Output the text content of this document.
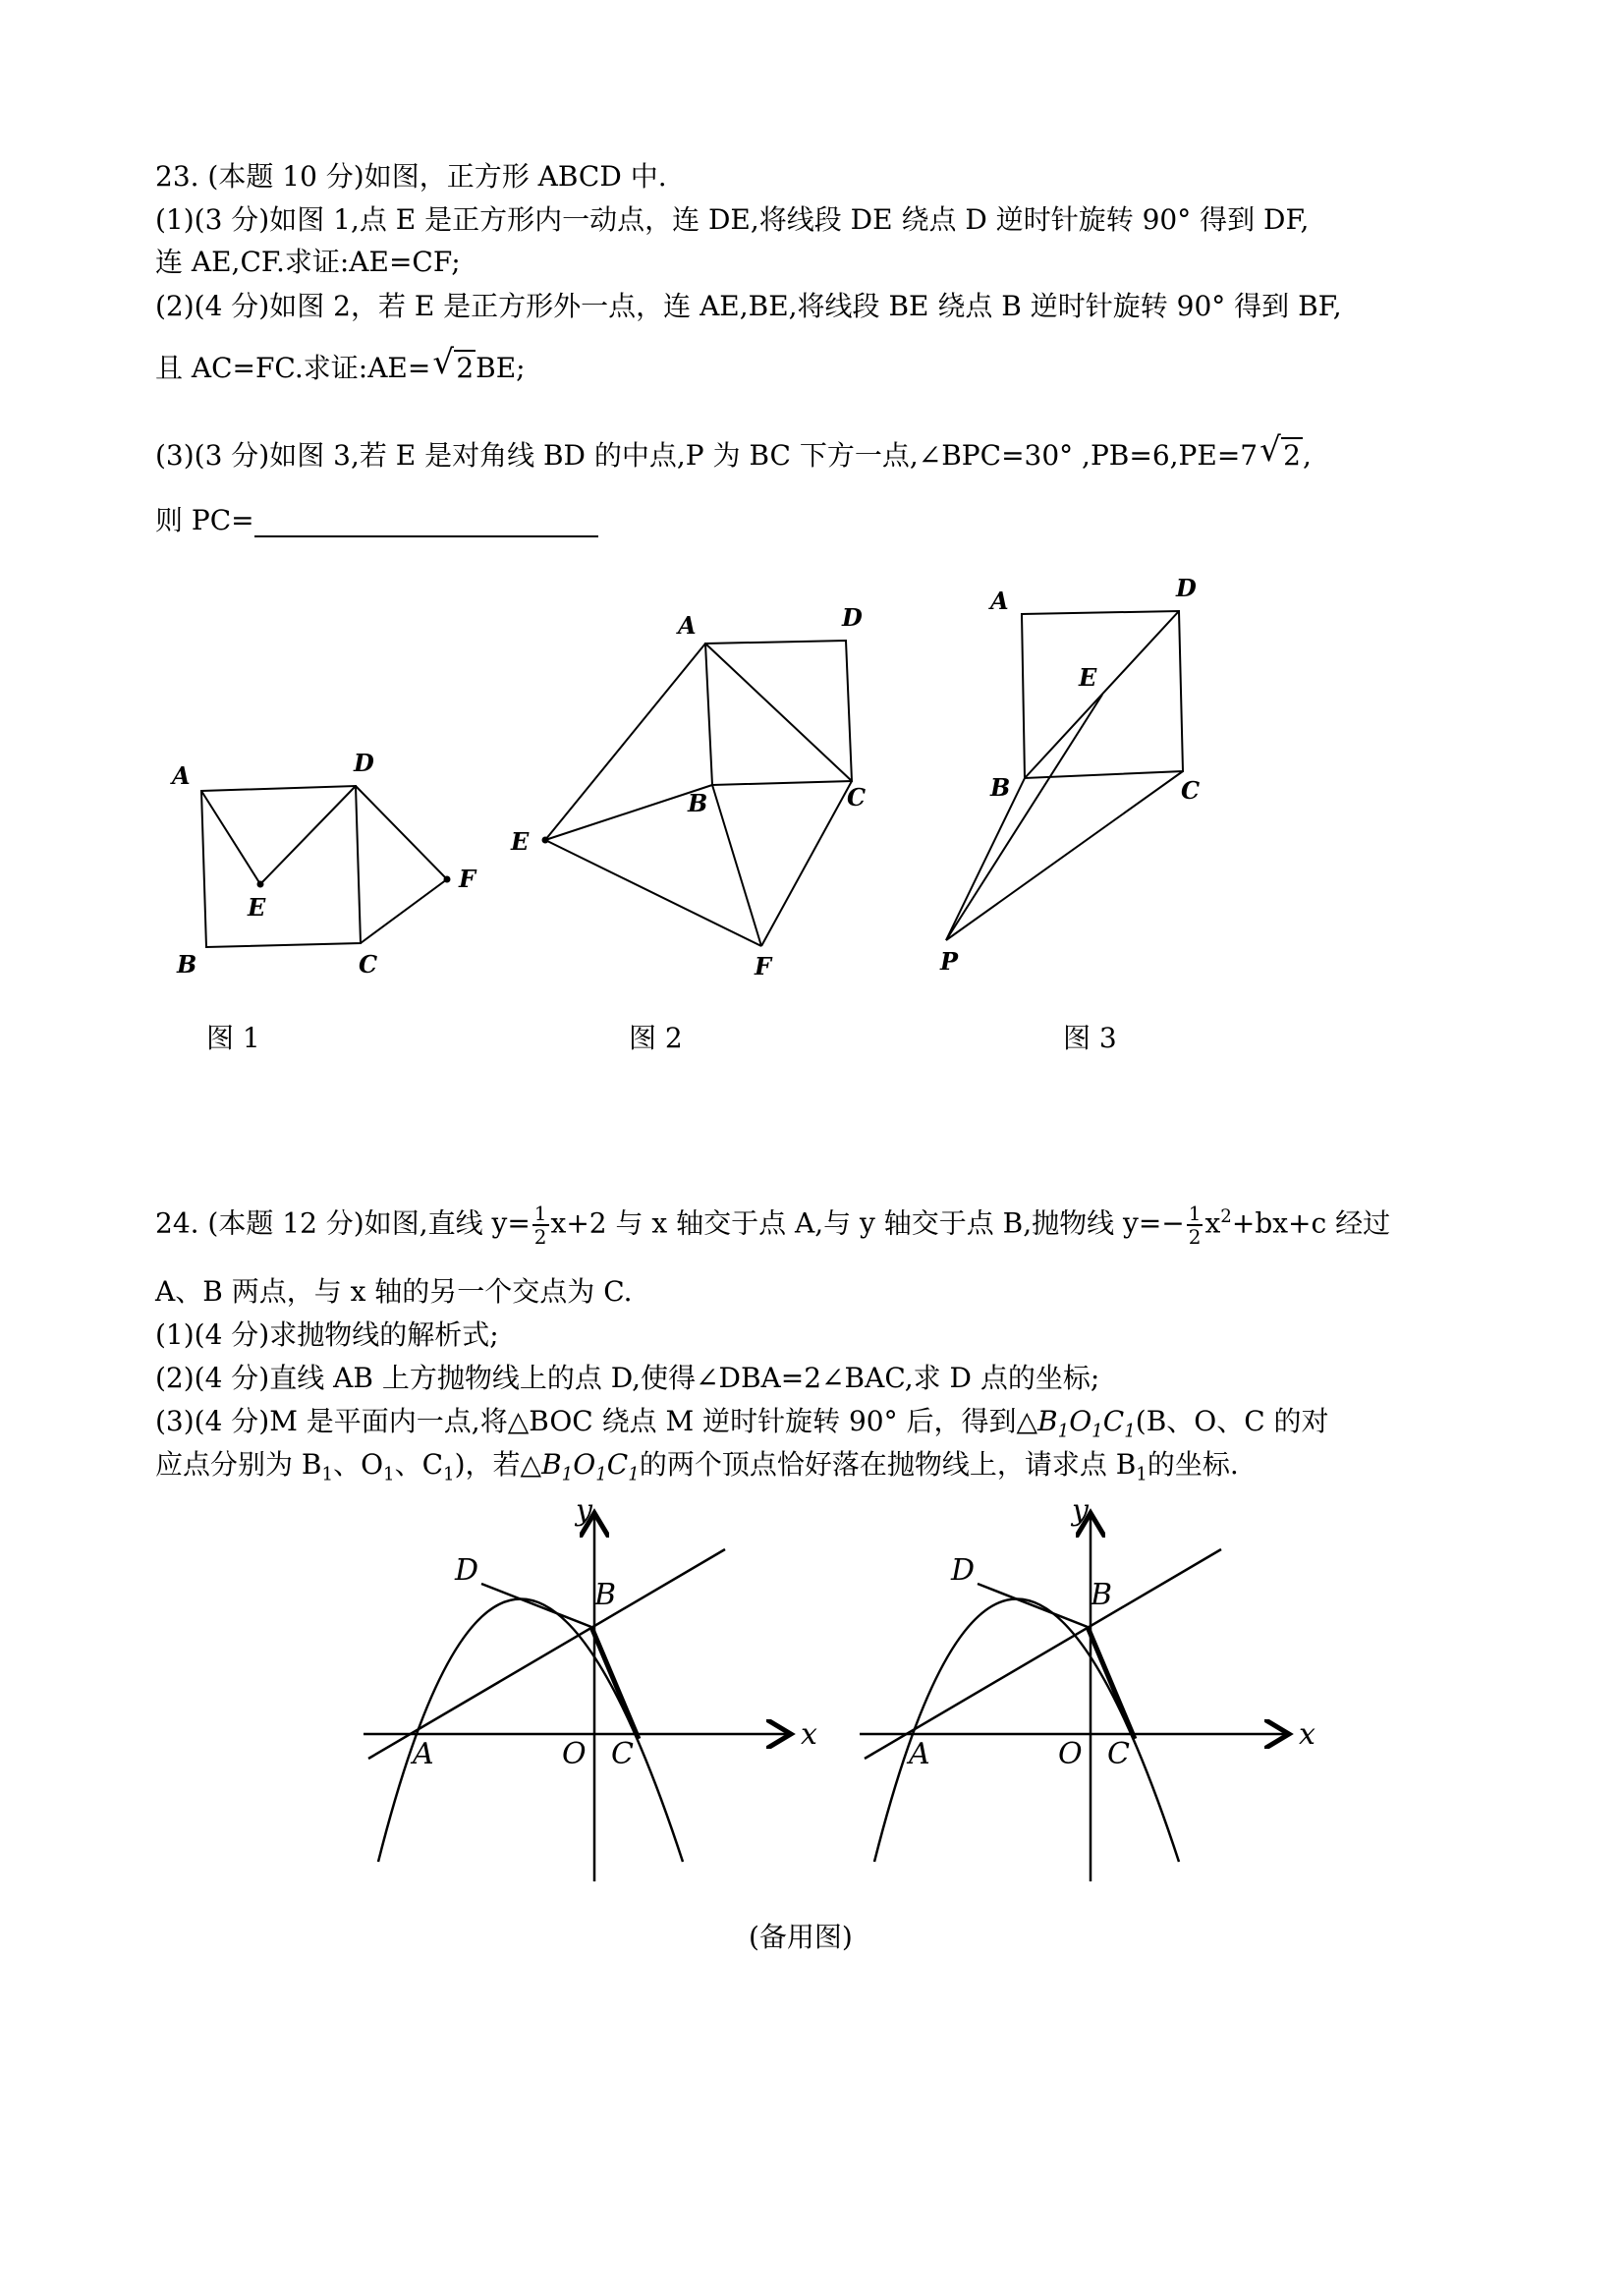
23. (本题 10 分)如图，正方形 ABCD 中.
(1)(3 分)如图 1,点 E 是正方形内一动点，连 DE,将线段 DE 绕点 D 逆时针旋转 90° 得到 DF,
连 AE,CF.求证:AE=CF;
(2)(4 分)如图 2，若 E 是正方形外一点，连 AE,BE,将线段 BE 绕点 B 逆时针旋转 90° 得到 BF,
且 AC=FC.求证:AE= √ 2BE;
(3)(3 分)如图 3,若 E 是对角线 BD 的中点,P 为 BC 下方一点,∠BPC=30° ,PB=6,PE=7 √ 2,
则 PC=
A	D
E
F
B	C
A	D
B	C
E
F
A	D
E
B	C
P
图 1	图 2	图 3
24. (本题 12 分)如图,直线 $y= \frac{1}{2} x+2$ 与 x 轴交于点 A,与 y 轴交于点 B,抛物线 $y=- \frac{1}{2} x^2+bx+c$ 经过
A、B 两点，与 x 轴的另一个交点为 C.
(1)(4 分)求抛物线的解析式;
(2)(4 分)直线 AB 上方抛物线上的点 D,使得∠DBA=2∠BAC,求 D 点的坐标;
(3)(4 分)M 是平面内一点,将△BOC 绕点 M 逆时针旋转 90° 后，得到$\triangle B_1O_1C_1(B$、O、C 的对
应点分别为 $B_1$、$O_1$、$C_1$)，若$\triangle B_1O_1C_1$的两个顶点恰好落在抛物线上，请求点 $B_1$的坐标.
y
x
D
B
A	O C
y
x
D
B
A	O C
(备用图)
